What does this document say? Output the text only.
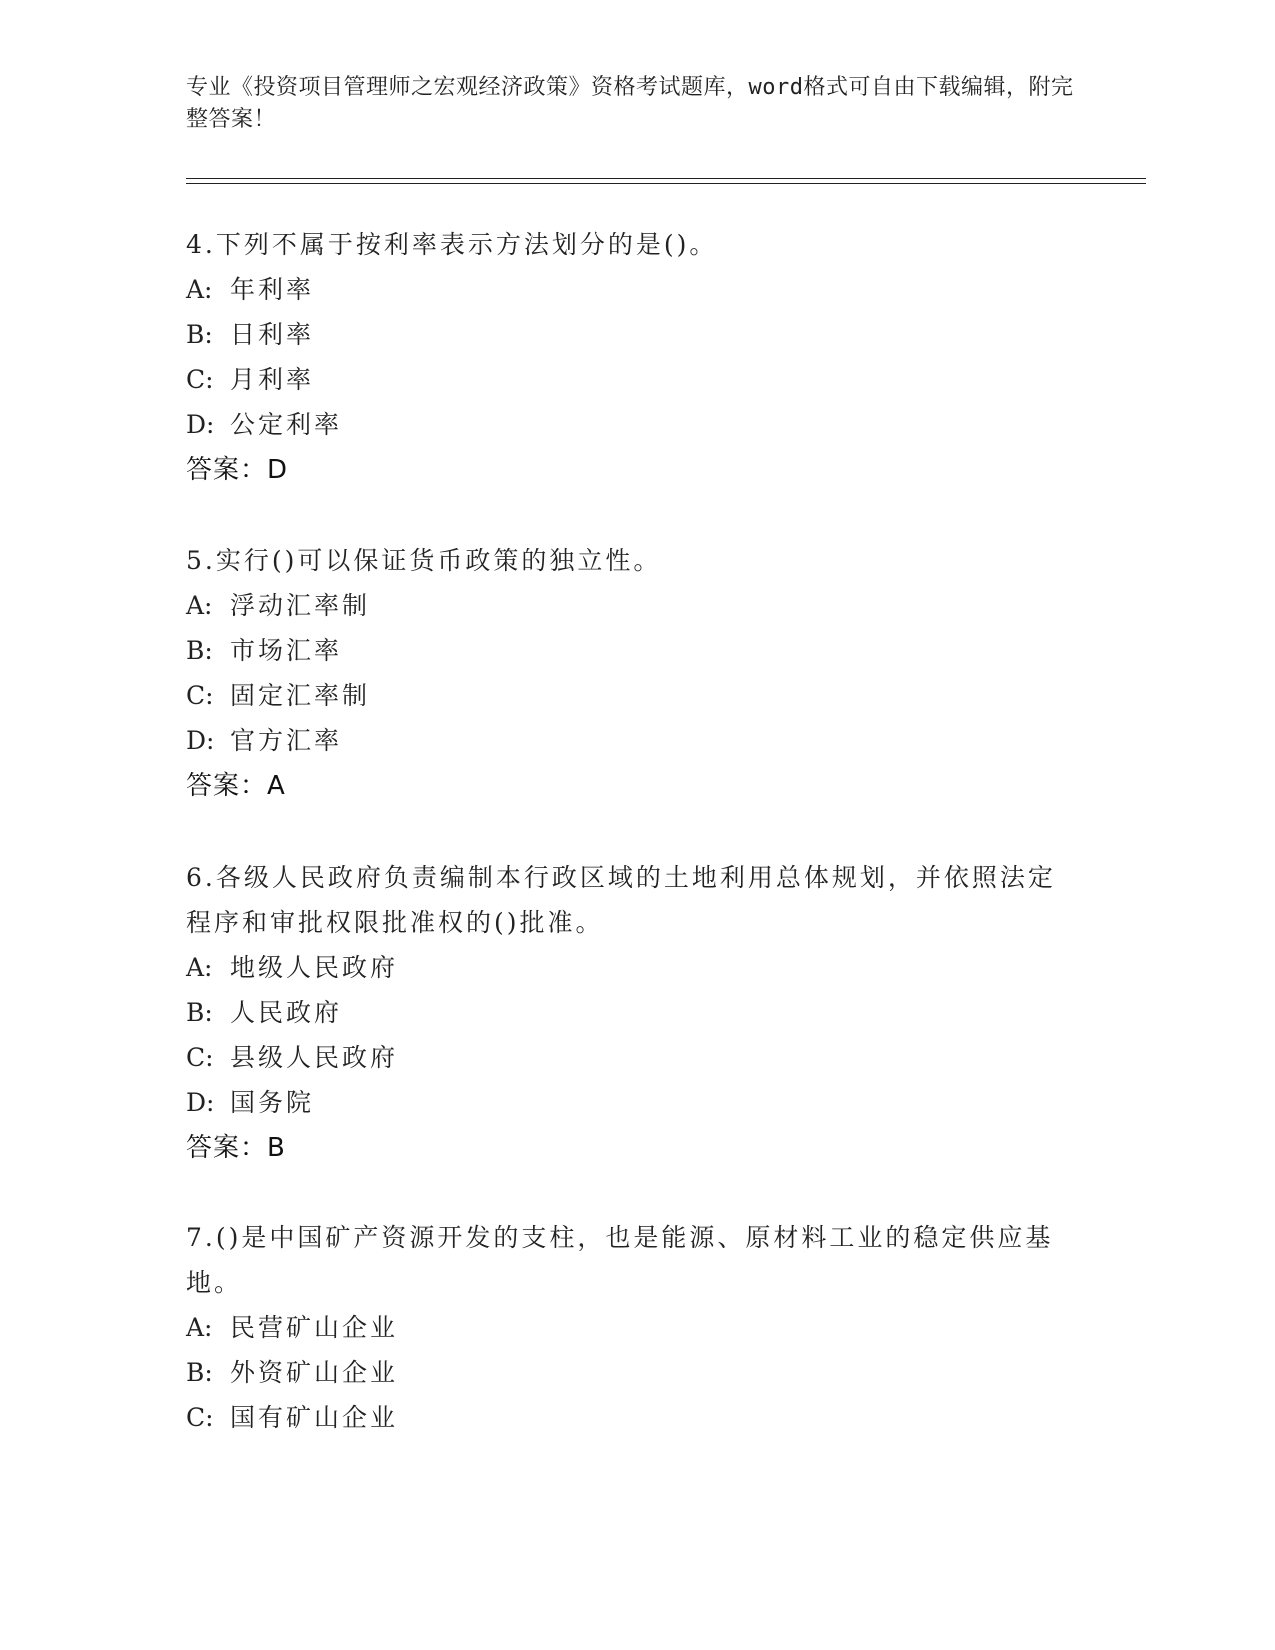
专业《投资项目管理师之宏观经济政策》资格考试题库，word格式可自由下载编辑，附完整答案！
4.下列不属于按利率表示方法划分的是()。
A: 年利率
B: 日利率
C: 月利率
D: 公定利率
答案：D
5.实行()可以保证货币政策的独立性。
A: 浮动汇率制
B: 市场汇率
C: 固定汇率制
D: 官方汇率
答案：A
6.各级人民政府负责编制本行政区域的土地利用总体规划，并依照法定程序和审批权限批准权的()批准。
A: 地级人民政府
B: 人民政府
C: 县级人民政府
D: 国务院
答案：B
7.()是中国矿产资源开发的支柱，也是能源、原材料工业的稳定供应基地。
A: 民营矿山企业
B: 外资矿山企业
C: 国有矿山企业
